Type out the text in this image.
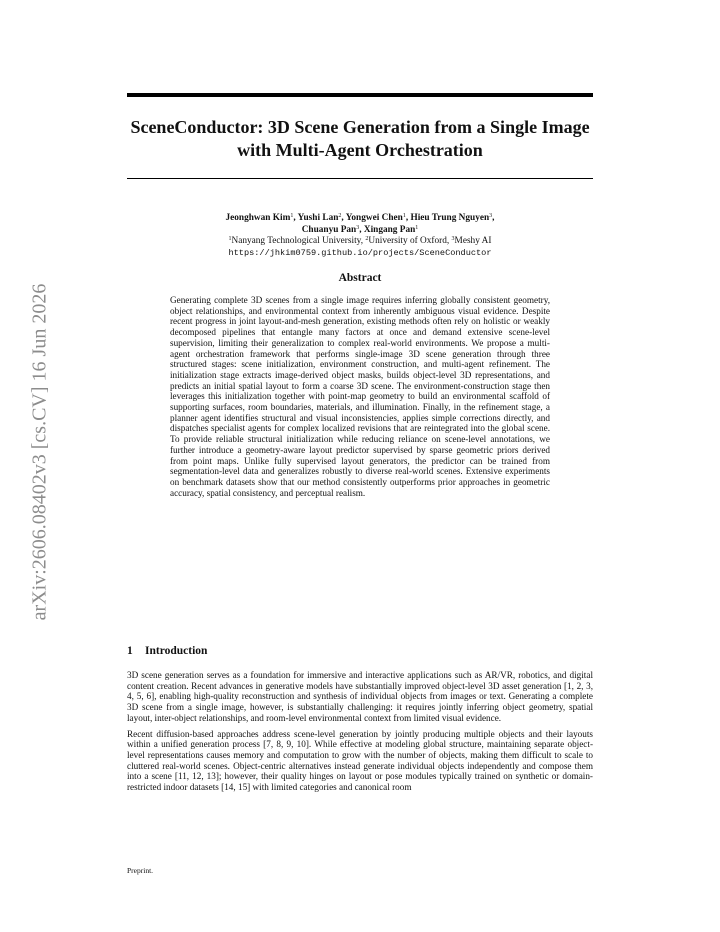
arXiv:2606.08402v3 [cs.CV] 16 Jun 2026
SceneConductor: 3D Scene Generation from a Single Image with Multi-Agent Orchestration
Jeonghwan Kim$^1$, Yushi Lan$^2$, Yongwei Chen$^1$, Hieu Trung Nguyen$^3$,
Chuanyu Pan$^3$, Xingang Pan$^1$
$^1$Nanyang Technological University, $^2$University of Oxford, $^3$Meshy AI
https://jhkim0759.github.io/projects/SceneConductor
Abstract

Generating complete 3D scenes from a single image requires inferring globally consistent geometry, object relationships, and environmental context from inherently ambiguous visual evidence. Despite recent progress in joint layout-and-mesh generation, existing methods often rely on holistic or weakly decomposed pipelines that entangle many factors at once and demand extensive scene-level supervision, limiting their generalization to complex real-world environments. We propose a multi-agent orchestration framework that performs single-image 3D scene generation through three structured stages: scene initialization, environment construction, and multi-agent refinement. The initialization stage extracts image-derived object masks, builds object-level 3D representations, and predicts an initial spatial layout to form a coarse 3D scene. The environment-construction stage then leverages this initialization together with point-map geometry to build an environmental scaffold of supporting surfaces, room boundaries, materials, and illumination. Finally, in the refinement stage, a planner agent identifies structural and visual inconsistencies, applies simple corrections directly, and dispatches specialist agents for complex localized revisions that are reintegrated into the global scene. To provide reliable structural initialization while reducing reliance on scene-level annotations, we further introduce a geometry-aware layout predictor supervised by sparse geometric priors derived from point maps. Unlike fully supervised layout generators, the predictor can be trained from segmentation-level data and generalizes robustly to diverse real-world scenes. Extensive experiments on benchmark datasets show that our method consistently outperforms prior approaches in geometric accuracy, spatial consistency, and perceptual realism.

1 Introduction

3D scene generation serves as a foundation for immersive and interactive applications such as AR/VR, robotics, and digital content creation. Recent advances in generative models have substantially improved object-level 3D asset generation [1, 2, 3, 4, 5, 6], enabling high-quality reconstruction and synthesis of individual objects from images or text. Generating a complete 3D scene from a single image, however, is substantially challenging: it requires jointly inferring object geometry, spatial layout, inter-object relationships, and room-level environmental context from limited visual evidence.

Recent diffusion-based approaches address scene-level generation by jointly producing multiple objects and their layouts within a unified generation process [7, 8, 9, 10]. While effective at modeling global structure, maintaining separate object-level representations causes memory and computation to grow with the number of objects, making them difficult to scale to cluttered real-world scenes. Object-centric alternatives instead generate individual objects independently and compose them into a scene [11, 12, 13]; however, their quality hinges on layout or pose modules typically trained on synthetic or domain-restricted indoor datasets [14, 15] with limited categories and canonical room

Preprint.
